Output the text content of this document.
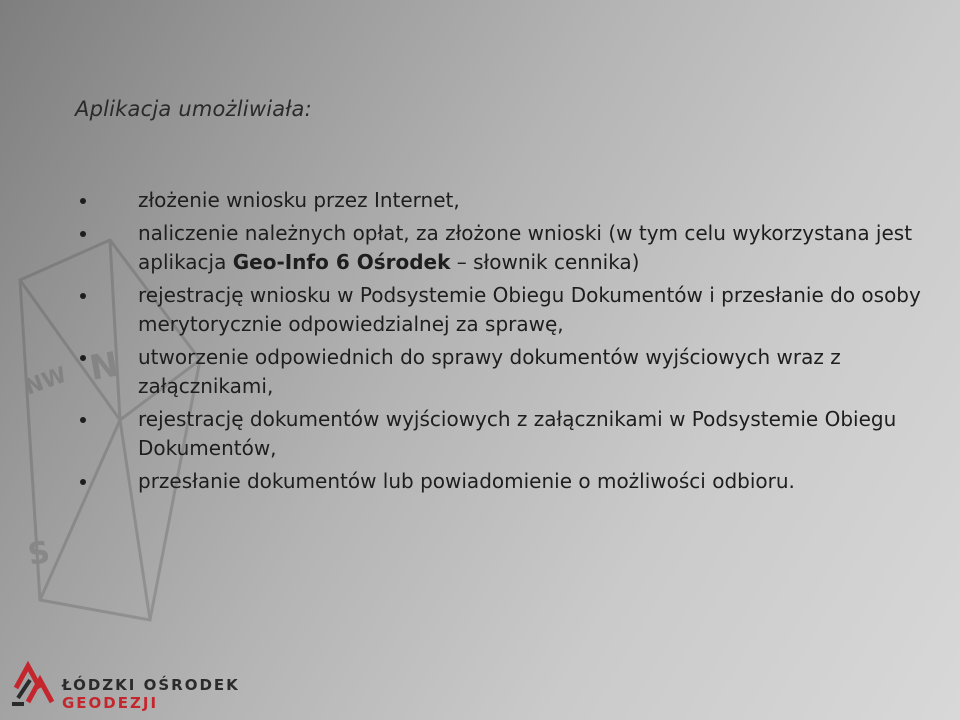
NW N
S
Aplikacja umożliwiała:
złożenie wniosku przez Internet,
naliczenie należnych opłat, za złożone wnioski (w tym celu wykorzystana jest aplikacja Geo-Info 6 Ośrodek – słownik cennika)
rejestrację wniosku w Podsystemie Obiegu Dokumentów i przesłanie do osoby merytorycznie odpowiedzialnej za sprawę,
utworzenie odpowiednich do sprawy dokumentów wyjściowych wraz z załącznikami,
rejestrację dokumentów wyjściowych z załącznikami w Podsystemie Obiegu Dokumentów,
przesłanie dokumentów lub powiadomienie o możliwości odbioru.
ŁÓDZKI OŚRODEK
GEODEZJI
